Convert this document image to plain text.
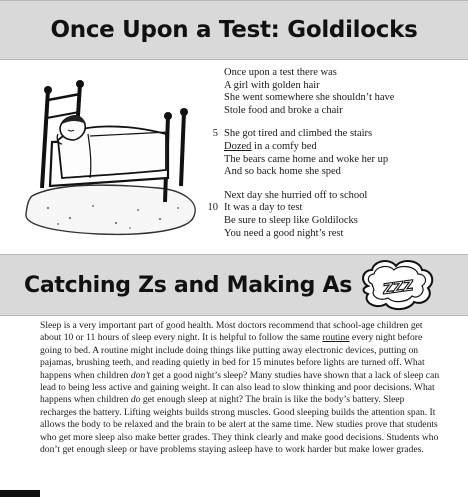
Once Upon a Test: Goldilocks
Once upon a test there was
A girl with golden hair
She went somewhere she shouldn’t have
Stole food and broke a chair
5 She got tired and climbed the stairs
Dozed in a comfy bed
The bears came home and woke her up
And so back home she sped
Next day she hurried off to school
10 It was a day to test
Be sure to sleep like Goldilocks
You need a good night’s rest
Catching Zs and Making As ZZZ

Sleep is a very important part of good health. Most doctors recommend that school-age children get about 10 or 11 hours of sleep every night. It is helpful to follow the same routine every night before going to bed. A routine might include doing things like putting away electronic devices, putting on pajamas, brushing teeth, and reading quietly in bed for 15 minutes before lights are turned off. What happens when children don’t get a good night’s sleep? Many studies have shown that a lack of sleep can lead to being less active and gaining weight. It can also lead to slow thinking and poor decisions. What happens when children do get enough sleep at night? The brain is like the body’s battery. Sleep recharges the battery. Lifting weights builds strong muscles. Good sleeping builds the attention span. It allows the body to be relaxed and the brain to be alert at the same time. New studies prove that students who get more sleep also make better grades. They think clearly and make good decisions. Students who don’t get enough sleep or have problems staying asleep have to work harder but make lower grades.
